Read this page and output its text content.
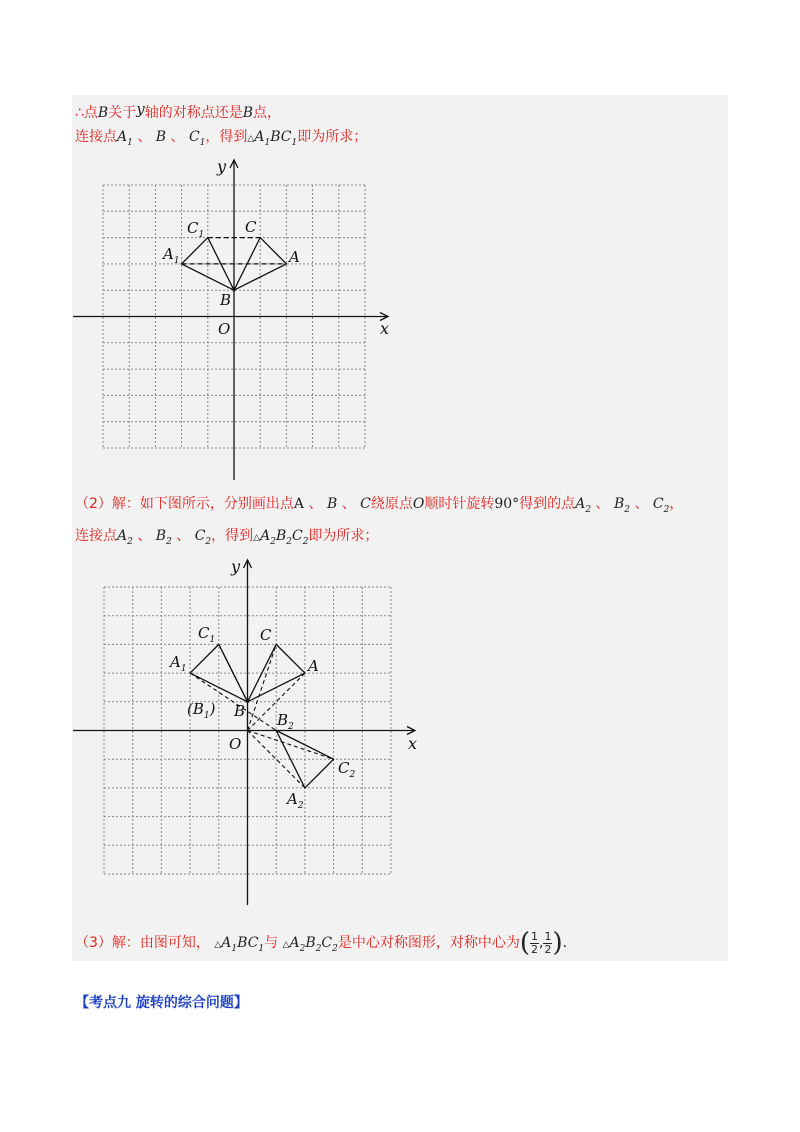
∴点B关于y轴的对称点还是B点，
连接点$A_1$ 、 B 、 $C_1$，得到$\triangle A_1BC_1$即为所求；
y
x
O
A
B
C
$A_1$
$C_1$
（2）解：如下图所示，分别画出点A 、 B 、 C绕原点O顺时针旋转90°得到的点$A_2$ 、 $B_2$ 、 $C_2$，
连接点$A_2$ 、 $B_2$ 、 $C_2$，得到$\triangle A_2B_2C_2$即为所求；
y
x
O
A
C
$A_1$
$C_1$
$(B_1)$ B $B_2$
$C_2$
$A_2$
（3）解：由图可知， $\triangle A_1BC_1$与 $\triangle A_2B_2C_2$是中心对称图形，对称中心为( $\frac{1}{2}$ , $\frac{1}{2}$ ).
【考点九 旋转的综合问题】
